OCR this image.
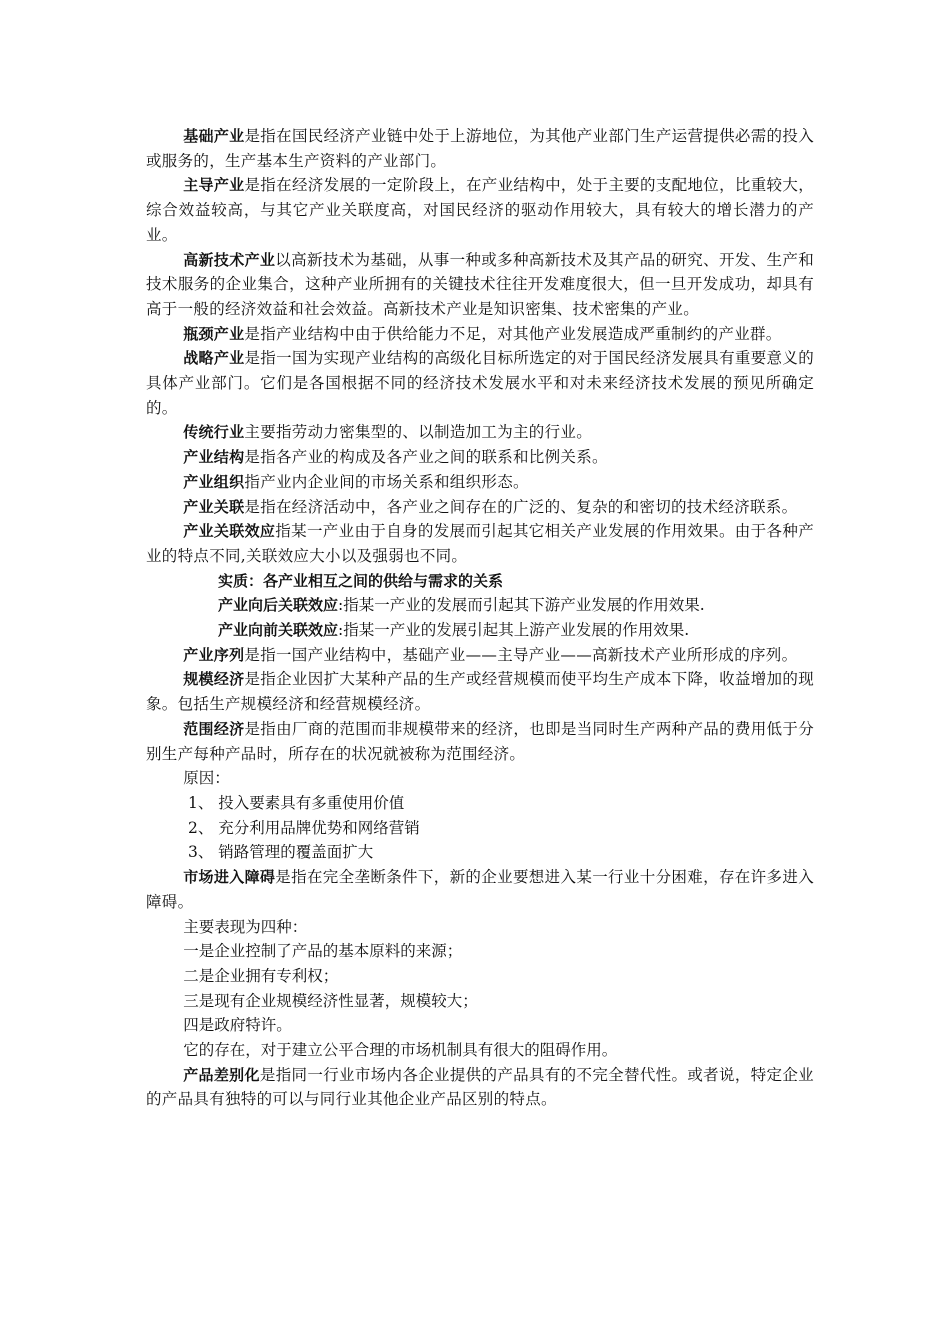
基础产业是指在国民经济产业链中处于上游地位，为其他产业部门生产运营提供必需的投入或服务的，生产基本生产资料的产业部门。

主导产业是指在经济发展的一定阶段上，在产业结构中，处于主要的支配地位，比重较大，综合效益较高，与其它产业关联度高，对国民经济的驱动作用较大，具有较大的增长潜力的产业。

高新技术产业以高新技术为基础，从事一种或多种高新技术及其产品的研究、开发、生产和技术服务的企业集合，这种产业所拥有的关键技术往往开发难度很大，但一旦开发成功，却具有高于一般的经济效益和社会效益。高新技术产业是知识密集、技术密集的产业。

瓶颈产业是指产业结构中由于供给能力不足，对其他产业发展造成严重制约的产业群。

战略产业是指一国为实现产业结构的高级化目标所选定的对于国民经济发展具有重要意义的具体产业部门。它们是各国根据不同的经济技术发展水平和对未来经济技术发展的预见所确定的。

传统行业主要指劳动力密集型的、以制造加工为主的行业。

产业结构是指各产业的构成及各产业之间的联系和比例关系。

产业组织指产业内企业间的市场关系和组织形态。

产业关联是指在经济活动中，各产业之间存在的广泛的、复杂的和密切的技术经济联系。

产业关联效应指某一产业由于自身的发展而引起其它相关产业发展的作用效果。由于各种产业的特点不同,关联效应大小以及强弱也不同。

实质：各产业相互之间的供给与需求的关系

产业向后关联效应:指某一产业的发展而引起其下游产业发展的作用效果.

产业向前关联效应:指某一产业的发展引起其上游产业发展的作用效果.

产业序列是指一国产业结构中，基础产业——主导产业——高新技术产业所形成的序列。

规模经济是指企业因扩大某种产品的生产或经营规模而使平均生产成本下降，收益增加的现象。包括生产规模经济和经营规模经济。

范围经济是指由厂商的范围而非规模带来的经济，也即是当同时生产两种产品的费用低于分别生产每种产品时，所存在的状况就被称为范围经济。

原因：

1、 投入要素具有多重使用价值

2、 充分利用品牌优势和网络营销

3、 销路管理的覆盖面扩大

市场进入障碍是指在完全垄断条件下，新的企业要想进入某一行业十分困难，存在许多进入障碍。

主要表现为四种：

一是企业控制了产品的基本原料的来源；

二是企业拥有专利权；

三是现有企业规模经济性显著，规模较大；

四是政府特许。

它的存在，对于建立公平合理的市场机制具有很大的阻碍作用。

产品差别化是指同一行业市场内各企业提供的产品具有的不完全替代性。或者说，特定企业的产品具有独特的可以与同行业其他企业产品区别的特点。
